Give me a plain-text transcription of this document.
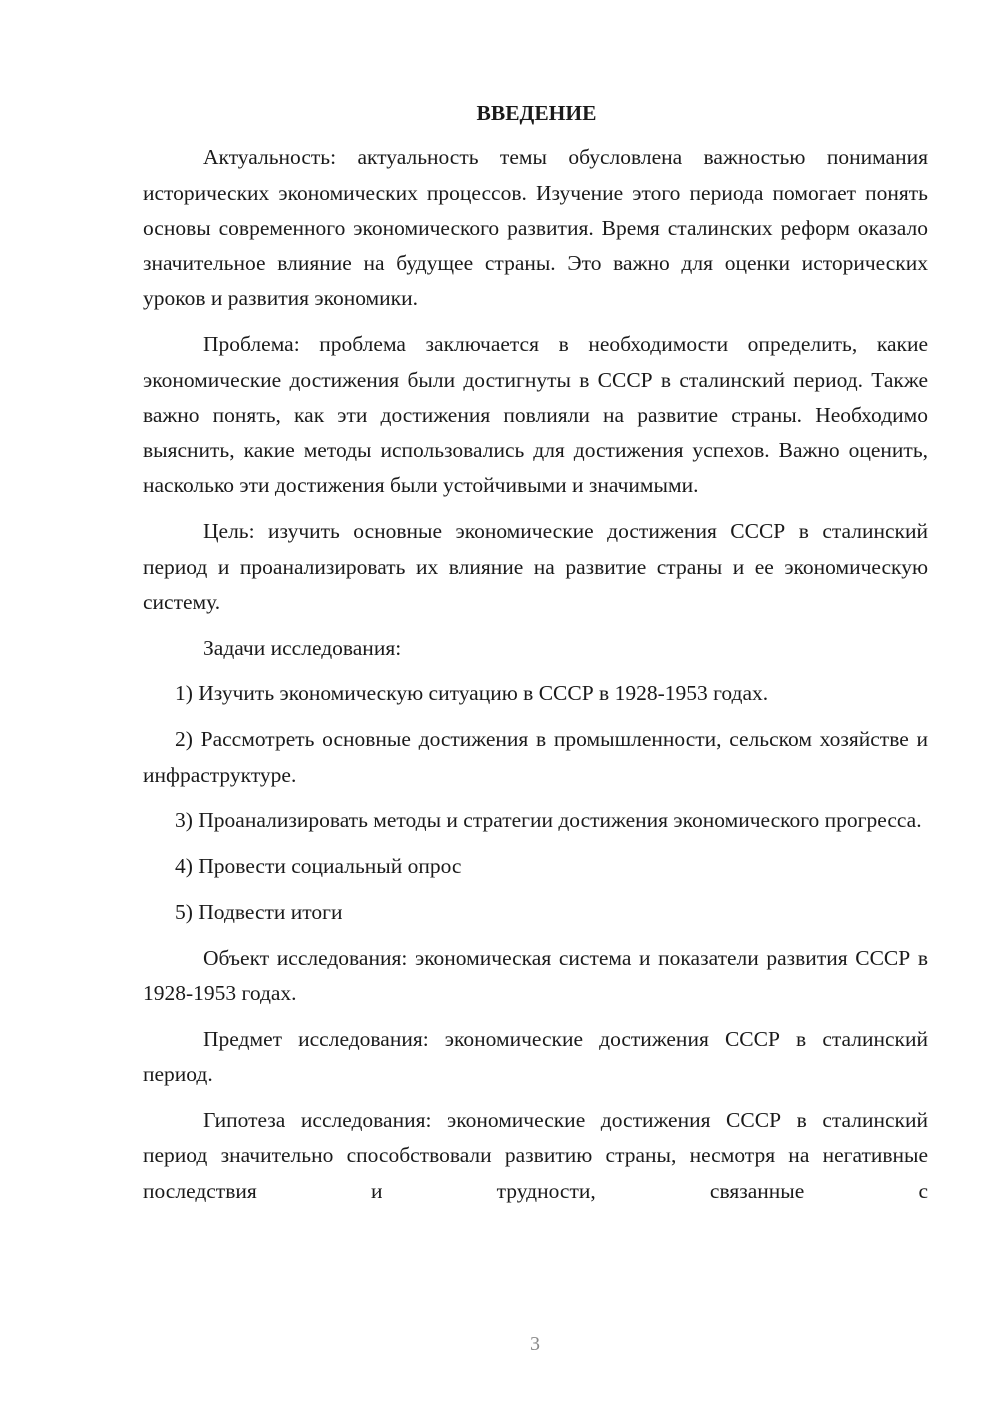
ВВЕДЕНИЕ

Актуальность: актуальность темы обусловлена важностью понимания исторических экономических процессов. Изучение этого периода помогает понять основы современного экономического развития. Время сталинских реформ оказало значительное влияние на будущее страны. Это важно для оценки исторических уроков и развития экономики.

Проблема: проблема заключается в необходимости определить, какие экономические достижения были достигнуты в СССР в сталинский период. Также важно понять, как эти достижения повлияли на развитие страны. Необходимо выяснить, какие методы использовались для достижения успехов. Важно оценить, насколько эти достижения были устойчивыми и значимыми.

Цель: изучить основные экономические достижения СССР в сталинский период и проанализировать их влияние на развитие страны и ее экономическую систему.

Задачи исследования:

1) Изучить экономическую ситуацию в СССР в 1928-1953 годах.

2) Рассмотреть основные достижения в промышленности, сельском хозяйстве и инфраструктуре.

3) Проанализировать методы и стратегии достижения экономического прогресса.

4) Провести социальный опрос

5) Подвести итоги

Объект исследования: экономическая система и показатели развития СССР в 1928-1953 годах.

Предмет исследования: экономические достижения СССР в сталинский период.

Гипотеза исследования: экономические достижения СССР в сталинский период значительно способствовали развитию страны, несмотря на негативные последствия и трудности, связанные с

3
